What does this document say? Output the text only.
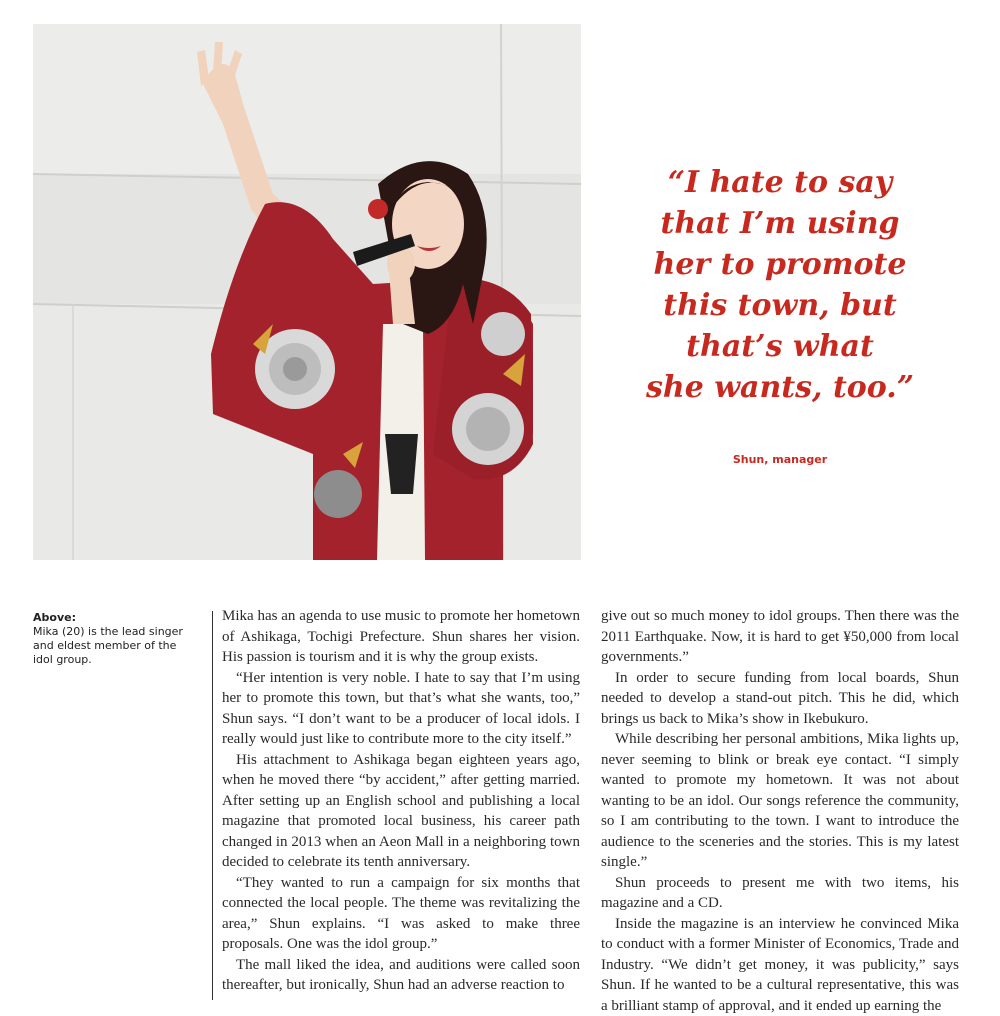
“I hate to say
that I’m using
her to promote
this town, but
that’s what
she wants, too.”

Shun, manager
Above:
Mika (20) is the lead singer and eldest member of the idol group.

Mika has an agenda to use music to promote her hometown of Ashikaga, Tochigi Prefecture. Shun shares her vision. His passion is tourism and it is why the group exists.

“Her intention is very noble. I hate to say that I’m using her to promote this town, but that’s what she wants, too,” Shun says. “I don’t want to be a producer of local idols. I really would just like to contribute more to the city itself.”

His attachment to Ashikaga began eighteen years ago, when he moved there “by accident,” after getting married. After setting up an English school and publishing a local magazine that promoted local business, his career path changed in 2013 when an Aeon Mall in a neighboring town decided to celebrate its tenth anniversary.

“They wanted to run a campaign for six months that connected the local people. The theme was revitalizing the area,” Shun explains. “I was asked to make three proposals. One was the idol group.”

The mall liked the idea, and auditions were called soon thereafter, but ironically, Shun had an adverse reaction to

give out so much money to idol groups. Then there was the 2011 Earthquake. Now, it is hard to get ¥50,000 from local governments.”

In order to secure funding from local boards, Shun needed to develop a stand-out pitch. This he did, which brings us back to Mika’s show in Ikebukuro.

While describing her personal ambitions, Mika lights up, never seeming to blink or break eye contact. “I simply wanted to promote my hometown. It was not about wanting to be an idol. Our songs reference the community, so I am contributing to the town. I want to introduce the audience to the sceneries and the stories. This is my latest single.”

Shun proceeds to present me with two items, his magazine and a CD.

Inside the magazine is an interview he convinced Mika to conduct with a former Minister of Economics, Trade and Industry. “We didn’t get money, it was publicity,” says Shun. If he wanted to be a cultural representative, this was a brilliant stamp of approval, and it ended up earning the
